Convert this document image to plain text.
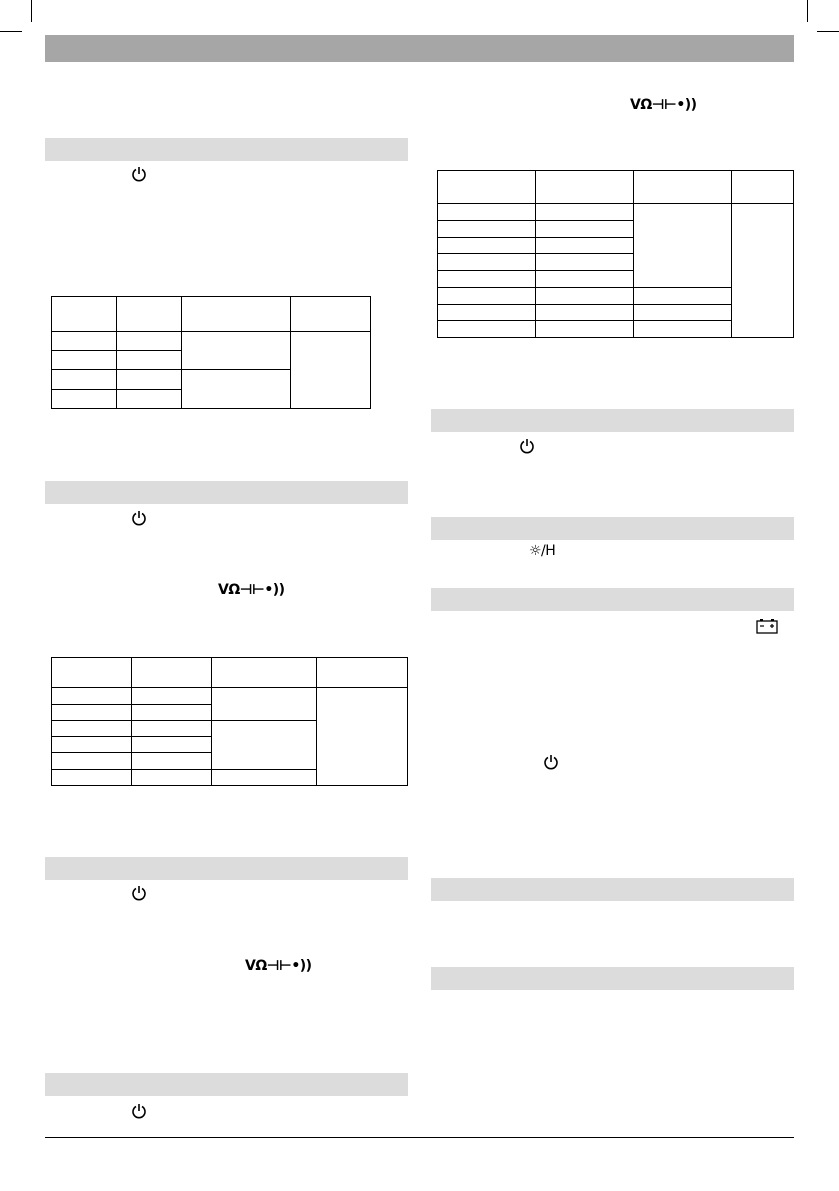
VΩ⊣⊢•))

VΩ⊣⊢•))
VΩ⊣⊢•))

☼/H
